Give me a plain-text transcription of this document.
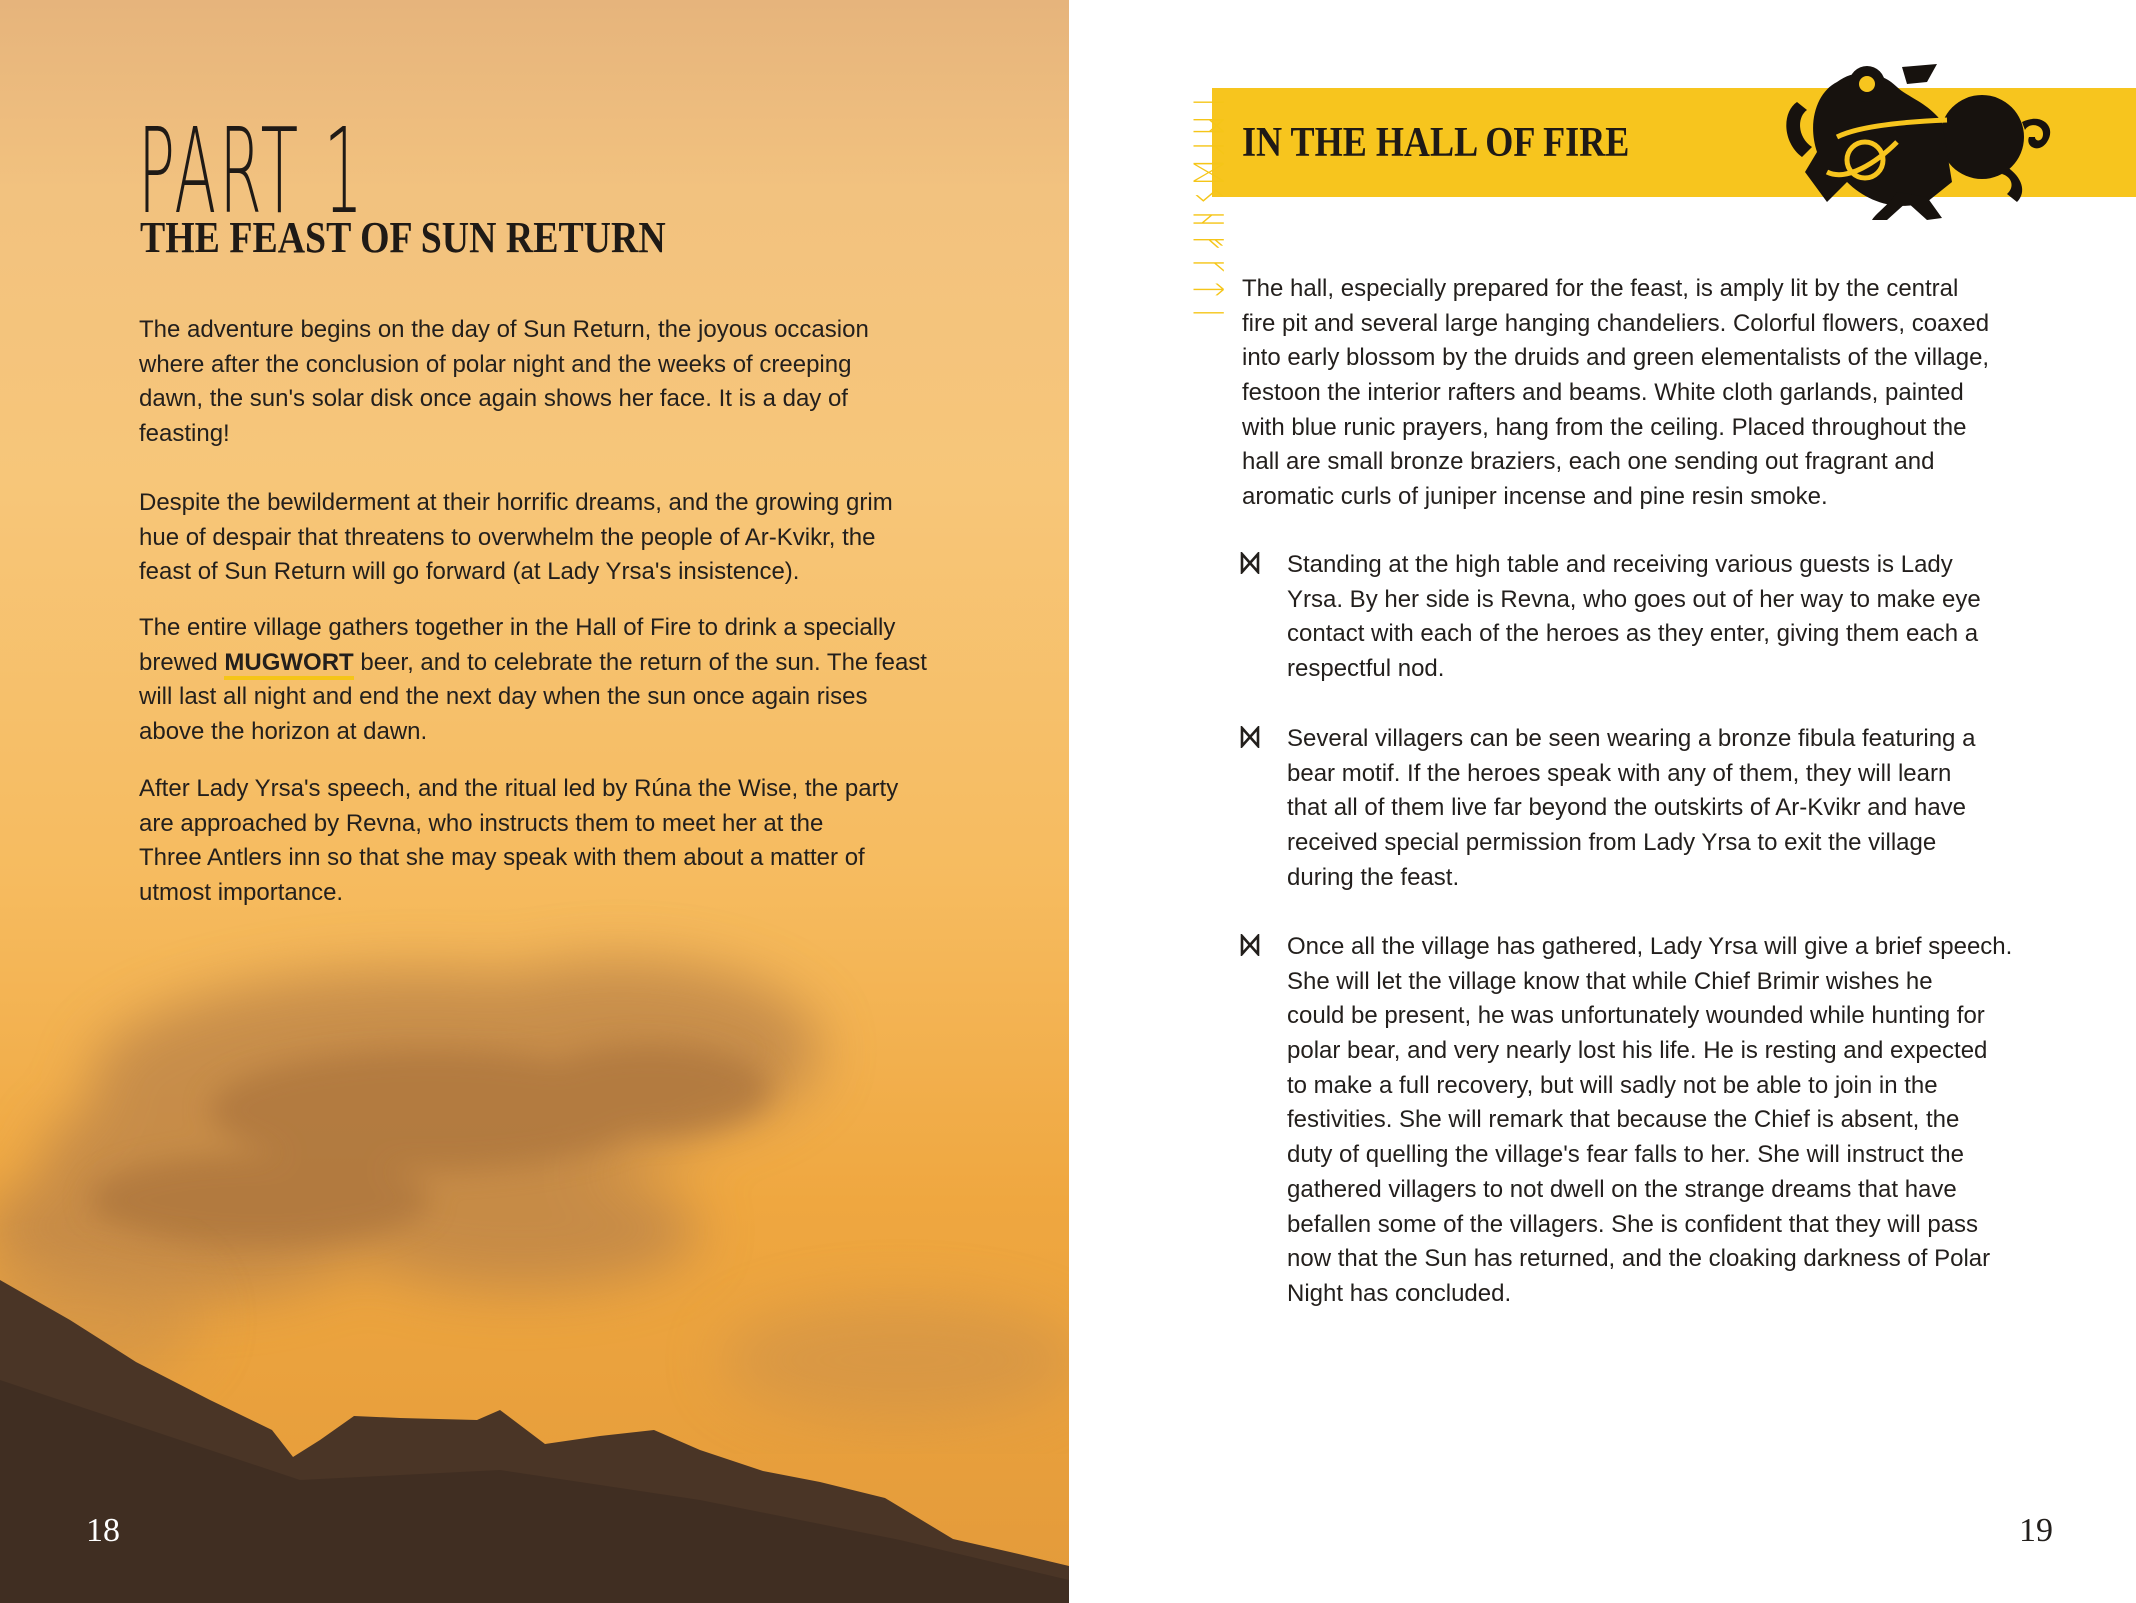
PART 1
THE FEAST OF SUN RETURN
The adventure begins on the day of Sun Return, the joyous occasion
where after the conclusion of polar night and the weeks of creeping
dawn, the sun's solar disk once again shows her face. It is a day of
feasting!
Despite the bewilderment at their horrific dreams, and the growing grim
hue of despair that threatens to overwhelm the people of Ar-Kvikr, the
feast of Sun Return will go forward (at Lady Yrsa's insistence).
The entire village gathers together in the Hall of Fire to drink a specially
brewed MUGWORT beer, and to celebrate the return of the sun. The feast
will last all night and end the next day when the sun once again rises
above the horizon at dawn.
After Lady Yrsa's speech, and the ritual led by Rúna the Wise, the party
are approached by Revna, who instructs them to meet her at the
Three Antlers inn so that she may speak with them about a matter of
utmost importance.
18
IN THE HALL OF FIRE
ᛁᛗᚴᛞᛊᚺᚠᚴᛏᛁ The hall, especially prepared for the feast, is amply lit by the central
fire pit and several large hanging chandeliers. Colorful flowers, coaxed
into early blossom by the druids and green elementalists of the village,
festoon the interior rafters and beams. White cloth garlands, painted
with blue runic prayers, hang from the ceiling. Placed throughout the
hall are small bronze braziers, each one sending out fragrant and
aromatic curls of juniper incense and pine resin smoke.
Standing at the high table and receiving various guests is Lady
Yrsa. By her side is Revna, who goes out of her way to make eye
contact with each of the heroes as they enter, giving them each a
respectful nod.
Several villagers can be seen wearing a bronze fibula featuring a
bear motif. If the heroes speak with any of them, they will learn
that all of them live far beyond the outskirts of Ar-Kvikr and have
received special permission from Lady Yrsa to exit the village
during the feast.
Once all the village has gathered, Lady Yrsa will give a brief speech.
She will let the village know that while Chief Brimir wishes he
could be present, he was unfortunately wounded while hunting for
polar bear, and very nearly lost his life. He is resting and expected
to make a full recovery, but will sadly not be able to join in the
festivities. She will remark that because the Chief is absent, the
duty of quelling the village's fear falls to her. She will instruct the
gathered villagers to not dwell on the strange dreams that have
befallen some of the villagers. She is confident that they will pass
now that the Sun has returned, and the cloaking darkness of Polar
Night has concluded.
19
